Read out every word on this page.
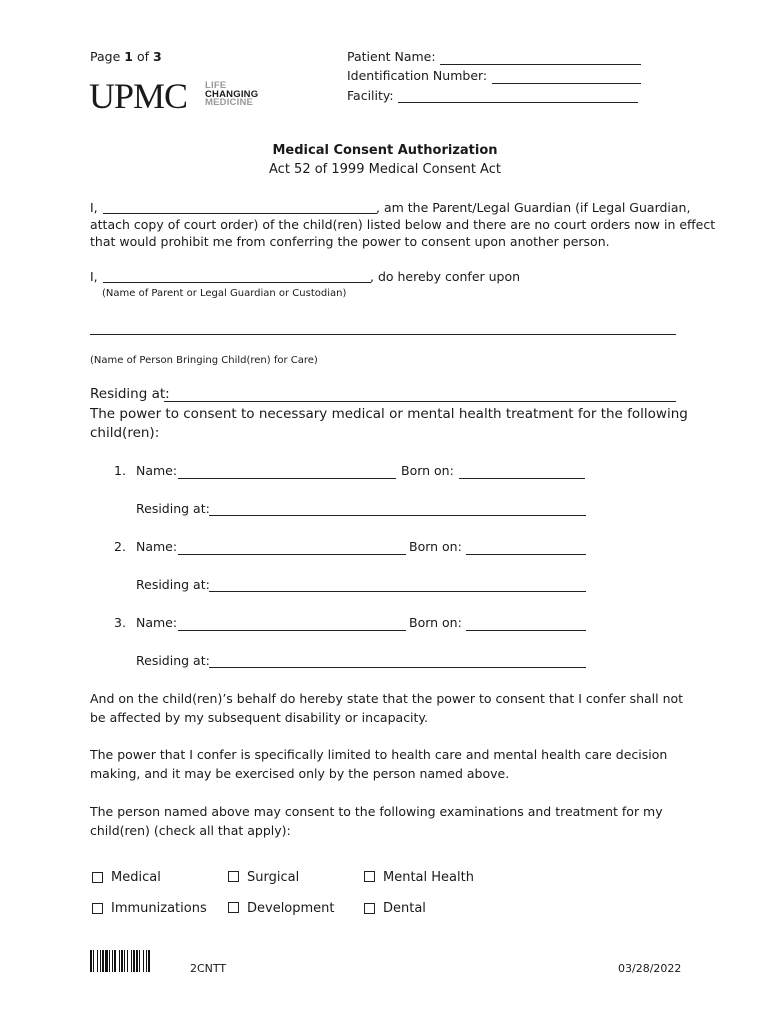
Page 1 of 3	Patient Name:
Identification Number:
Facility:
UPMC LIFE
CHANGING
MEDICINE
Medical Consent Authorization
Act 52 of 1999 Medical Consent Act
I,	, am the Parent/Legal Guardian (if Legal Guardian,
attach copy of court order) of the child(ren) listed below and there are no court orders now in effect
that would prohibit me from conferring the power to consent upon another person.
I,	, do hereby confer upon
(Name of Parent or Legal Guardian or Custodian)
(Name of Person Bringing Child(ren) for Care)
Residing at:
The power to consent to necessary medical or mental health treatment for the following
child(ren):
1. Name:	Born on:
Residing at:
2. Name:	Born on:
Residing at:
3. Name:	Born on:
Residing at:
And on the child(ren)’s behalf do hereby state that the power to consent that I confer shall not
be affected by my subsequent disability or incapacity.
The power that I confer is specifically limited to health care and mental health care decision
making, and it may be exercised only by the person named above.
The person named above may consent to the following examinations and treatment for my
child(ren) (check all that apply):
Medical	Surgical	Mental Health
Immunizations	Development	Dental
2CNTT	03/28/2022
